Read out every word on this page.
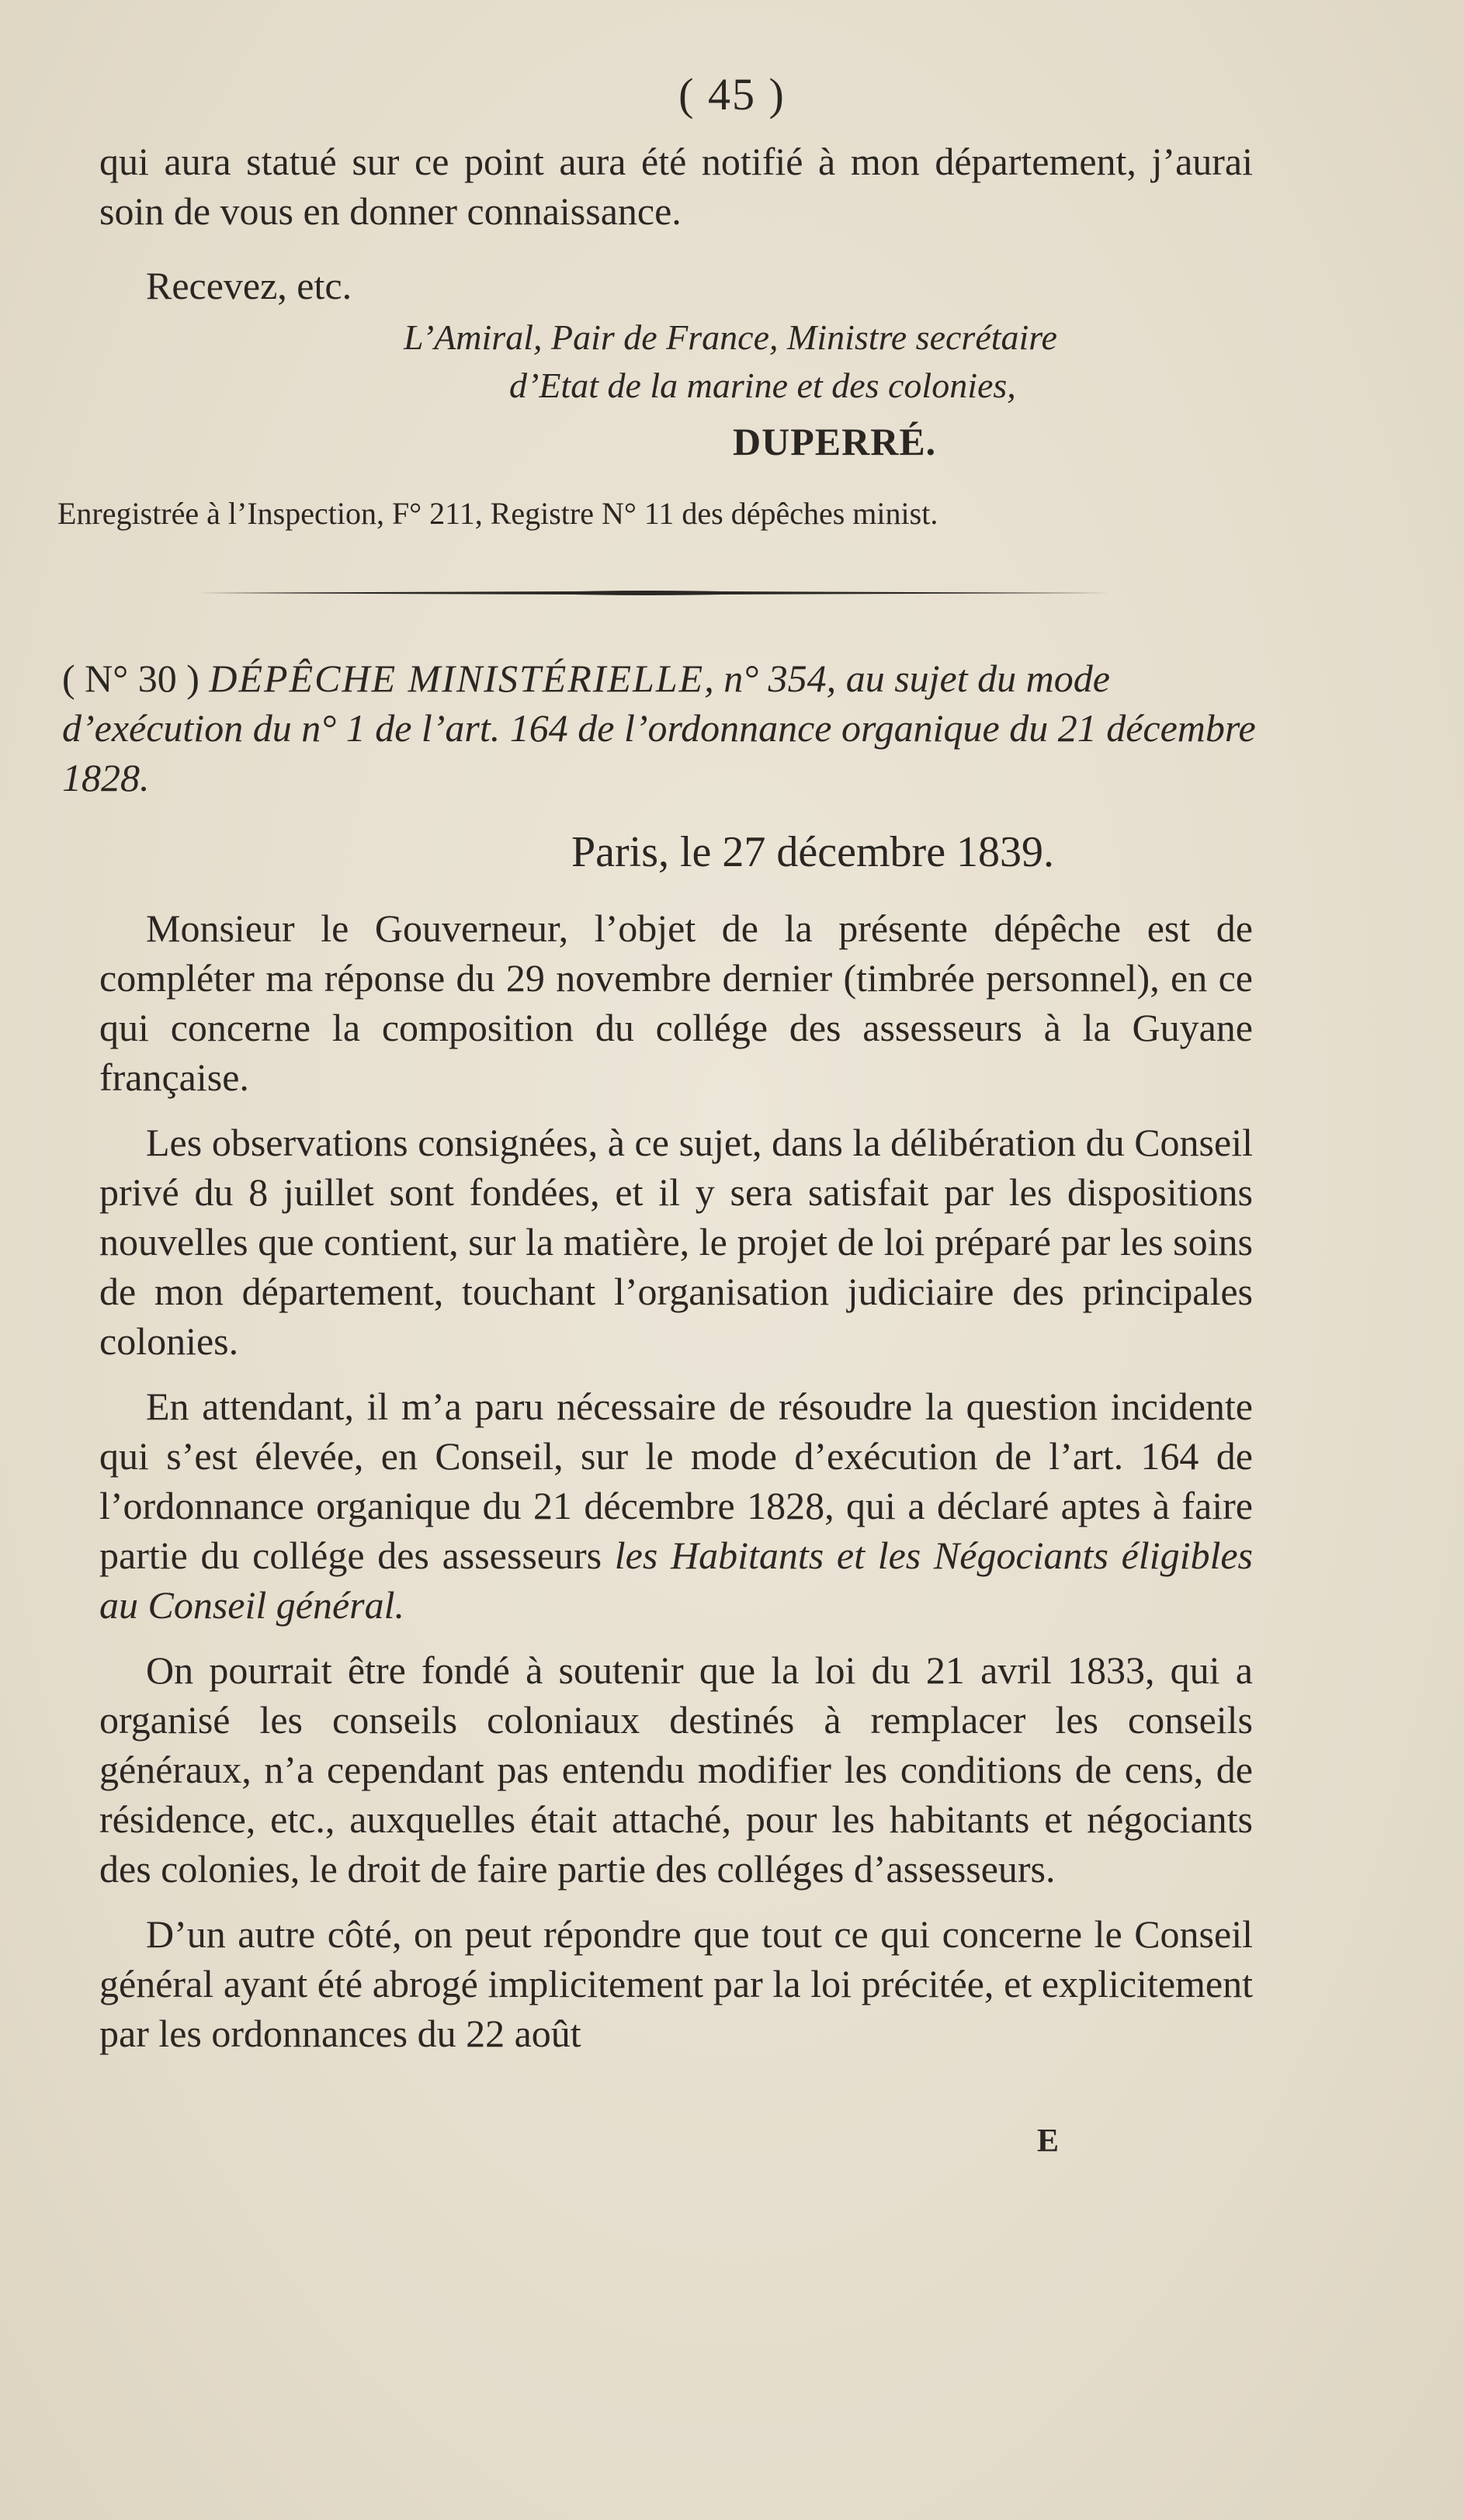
( 45 )

qui aura statué sur ce point aura été notifié à mon département, j’aurai soin de vous en donner connaissance.

Recevez, etc.

L’Amiral, Pair de France, Ministre secrétaire
d’Etat de la marine et des colonies,
DUPERRÉ.
Enregistrée à l’Inspection, F° 211, Registre N° 11 des dépêches minist.
( N° 30 ) DÉPÊCHE MINISTÉRIELLE, n° 354, au sujet du mode d’exécution du n° 1 de l’art. 164 de l’ordonnance organique du 21 décembre 1828.
Paris, le 27 décembre 1839.

Monsieur le Gouverneur, l’objet de la présente dépêche est de compléter ma réponse du 29 novembre dernier (timbrée personnel), en ce qui concerne la composition du collége des assesseurs à la Guyane française.

Les observations consignées, à ce sujet, dans la délibération du Conseil privé du 8 juillet sont fondées, et il y sera satisfait par les dispositions nouvelles que contient, sur la matière, le projet de loi préparé par les soins de mon département, touchant l’organisation judiciaire des principales colonies.

En attendant, il m’a paru nécessaire de résoudre la question incidente qui s’est élevée, en Conseil, sur le mode d’exécution de l’art. 164 de l’ordonnance organique du 21 décembre 1828, qui a déclaré aptes à faire partie du collége des assesseurs les Habitants et les Négociants éligibles au Conseil général.

On pourrait être fondé à soutenir que la loi du 21 avril 1833, qui a organisé les conseils coloniaux destinés à remplacer les conseils généraux, n’a cependant pas entendu modifier les conditions de cens, de résidence, etc., auxquelles était attaché, pour les habitants et négociants des colonies, le droit de faire partie des colléges d’assesseurs.

D’un autre côté, on peut répondre que tout ce qui concerne le Conseil général ayant été abrogé implicitement par la loi précitée, et explicitement par les ordonnances du 22 août

E
